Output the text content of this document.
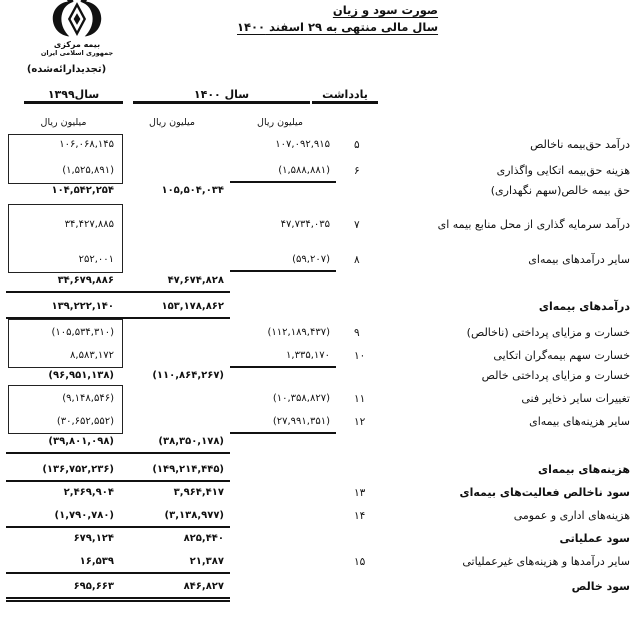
بیمه مرکزی
جمهوری اسلامی ایران
صورت سود و زیان
سال مالی منتهی به ۲۹ اسفند ۱۴۰۰
(تجدیدارائه‌شده)
سال۱۳۹۹	سال ۱۴۰۰	یادداشت
میلیون ریال	میلیون ریال	میلیون ریال
۱۰۶,۰۶۸,۱۴۵	۱۰۷,۰۹۲,۹۱۵	۵	درآمد حق‌بیمه ناخالص
(۱,۵۲۵,۸۹۱)	(۱,۵۸۸,۸۸۱)	۶	هزینه حق‌بیمه اتکایی واگذاری
۱۰۴,۵۴۲,۲۵۴	۱۰۵,۵۰۴,۰۳۴	حق بیمه خالص(سهم نگهداری)
۳۴,۴۲۷,۸۸۵	۴۷,۷۳۴,۰۳۵	۷	درآمد سرمایه گذاری از محل منابع بیمه ای
۲۵۲,۰۰۱	(۵۹,۲۰۷)	۸	سایر درآمدهای بیمه‌ای
۳۴,۶۷۹,۸۸۶	۴۷,۶۷۴,۸۲۸
۱۳۹,۲۲۲,۱۴۰	۱۵۳,۱۷۸,۸۶۲	درآمدهای بیمه‌ای
(۱۰۵,۵۳۴,۳۱۰)	(۱۱۲,۱۸۹,۴۳۷)	۹	خسارت و مزایای پرداختی (ناخالص)
۸,۵۸۳,۱۷۲	۱,۳۳۵,۱۷۰	۱۰	خسارت سهم بیمه‌گران اتکایی
(۹۶,۹۵۱,۱۳۸)	(۱۱۰,۸۶۴,۲۶۷)	خسارت و مزایای پرداختی خالص
(۹,۱۴۸,۵۴۶)	(۱۰,۳۵۸,۸۲۷)	۱۱	تغییرات سایر ذخایر فنی
(۳۰,۶۵۲,۵۵۲)	(۲۷,۹۹۱,۳۵۱)	۱۲	سایر هزینه‌های بیمه‌ای
(۳۹,۸۰۱,۰۹۸)	(۳۸,۳۵۰,۱۷۸)
(۱۳۶,۷۵۲,۲۳۶)	(۱۴۹,۲۱۴,۴۴۵)	هزینه‌های بیمه‌ای
۲,۴۶۹,۹۰۴	۳,۹۶۴,۴۱۷	۱۳	سود ناخالص فعالیت‌های بیمه‌ای
(۱,۷۹۰,۷۸۰)	(۳,۱۳۸,۹۷۷)	۱۴	هزینه‌های اداری و عمومی
۶۷۹,۱۲۴	۸۲۵,۴۴۰	سود عملیاتی
۱۶,۵۳۹	۲۱,۳۸۷	۱۵	سایر درآمدها و هزینه‌های غیرعملیاتی
۶۹۵,۶۶۳	۸۴۶,۸۲۷	سود خالص
